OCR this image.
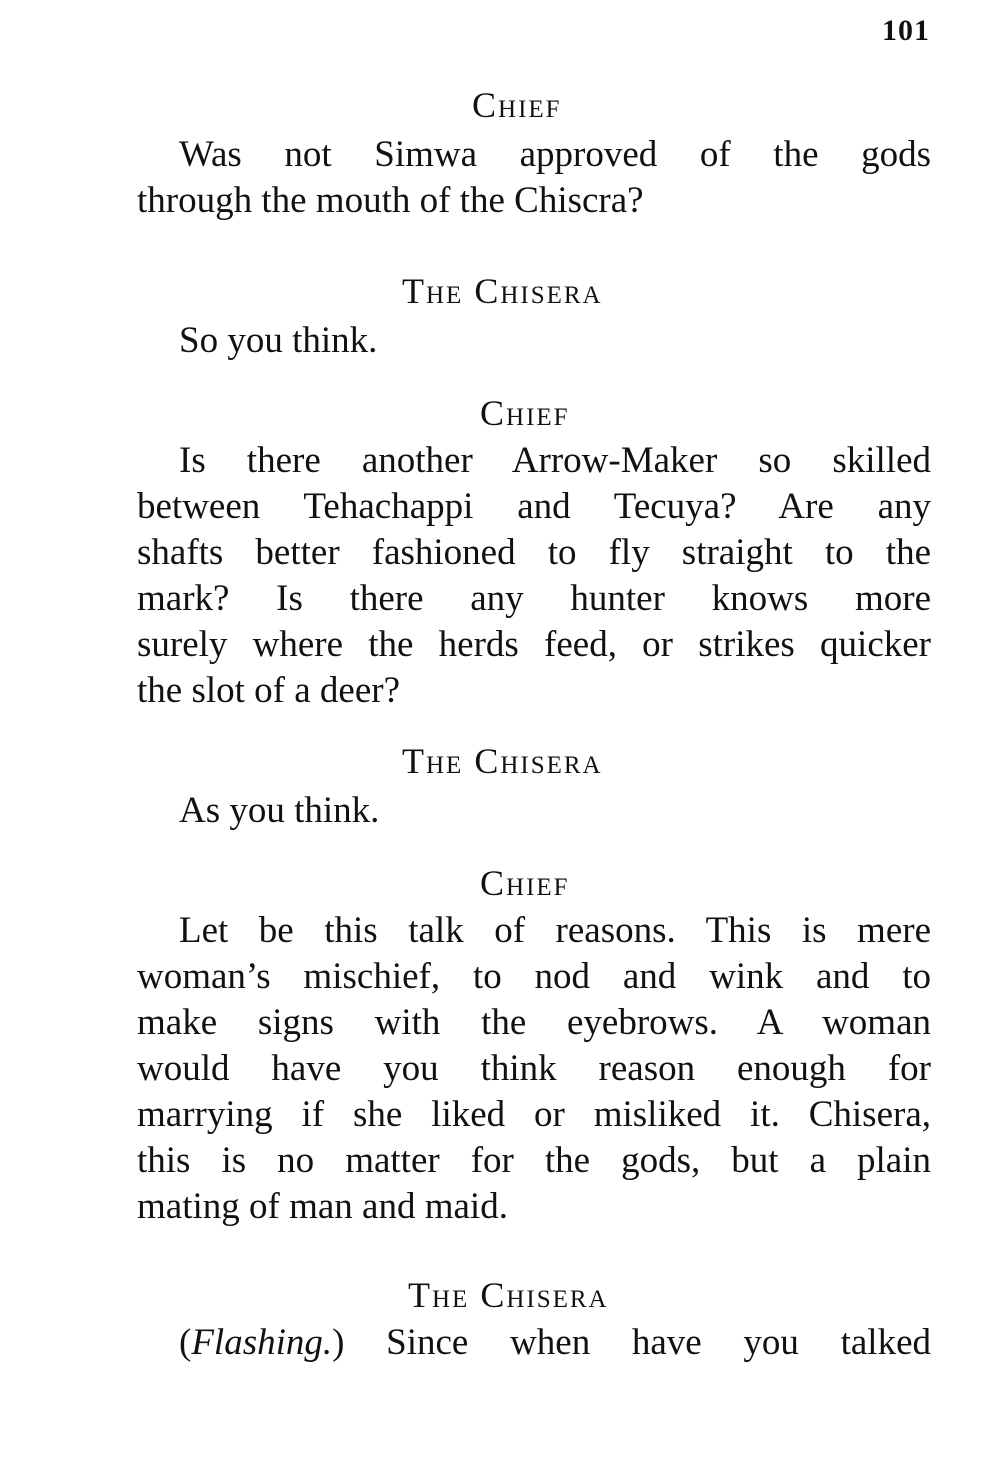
101
Chief
Was not Simwa approved of the gods
through the mouth of the Chiscra?
The Chisera
So you think.
Chief
Is there another Arrow-Maker so skilled
between Tehachappi and Tecuya? Are any
shafts better fashioned to fly straight to the
mark? Is there any hunter knows more
surely where the herds feed, or strikes quicker
the slot of a deer?
The Chisera
As you think.
Chief
Let be this talk of reasons. This is mere
woman’s mischief, to nod and wink and to
make signs with the eyebrows. A woman
would have you think reason enough for
marrying if she liked or misliked it. Chisera,
this is no matter for the gods, but a plain
mating of man and maid.
The Chisera
(Flashing.) Since when have you talked
